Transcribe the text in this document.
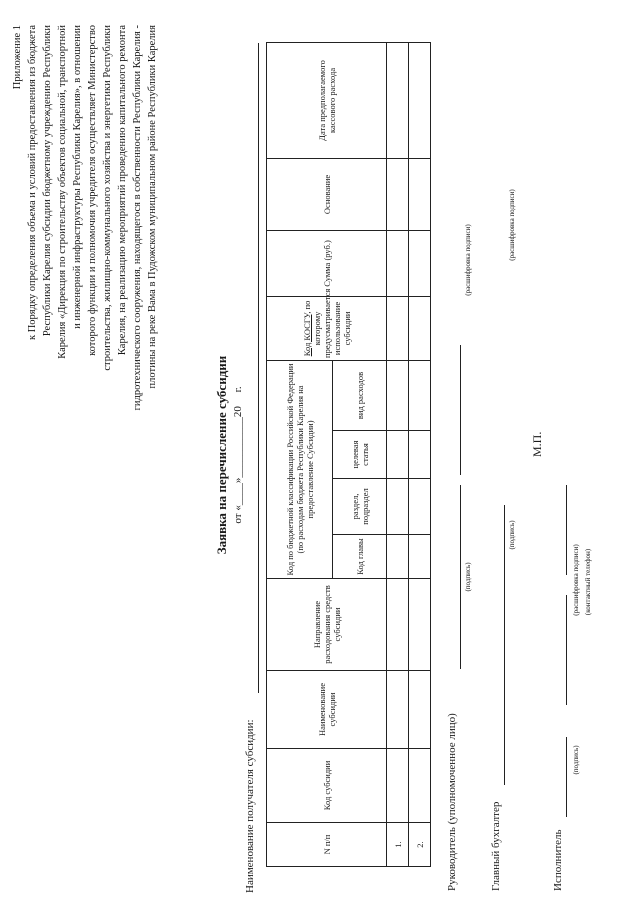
Приложение 1 к Порядку определения объема и условий предоставления из бюджета Республики Карелия субсидии бюджетному учреждению Республики Карелия «Дирекция по строительству объектов социальной, транспортной и инженерной инфраструктуры Республики Карелия», в отношении которого функции и полномочия учредителя осуществляет Министерство строительства, жилищно-коммунального хозяйства и энергетики Республики Карелия, на реализацию мероприятий проведению капитального ремонта гидротехнического сооружения, находящегося в собственности Республики Карелия - плотины на реке Вама в Пудожском муниципальном районе Республики Карелия
Заявка на перечисление субсидии от «____»___________20     г.
Наименование получателя субсидии:	N п/п	Код субсидии	Наименование субсидии	Направление расходования средств субсидии	Код по бюджетной классификации Российской Федерации (по расходам бюджета Республики Карелия на предоставление Субсидии)				Код КОСГУ, по которому предусматривается использование субсидии	Сумма (руб.)	Основание	Дата предполагаемого кассового расхода
				Код главы	раздел, подраздел	целевая статья	вид расходов				
1.											
2.											Руководитель (уполномоченное лицо)
(подпись)
(расшифровка подписи)
Главный бухгалтер
(подпись)
(расшифровка подписи)
М.П.
Исполнитель
(подпись)
(расшифровка подписи) (контактный телефон)
